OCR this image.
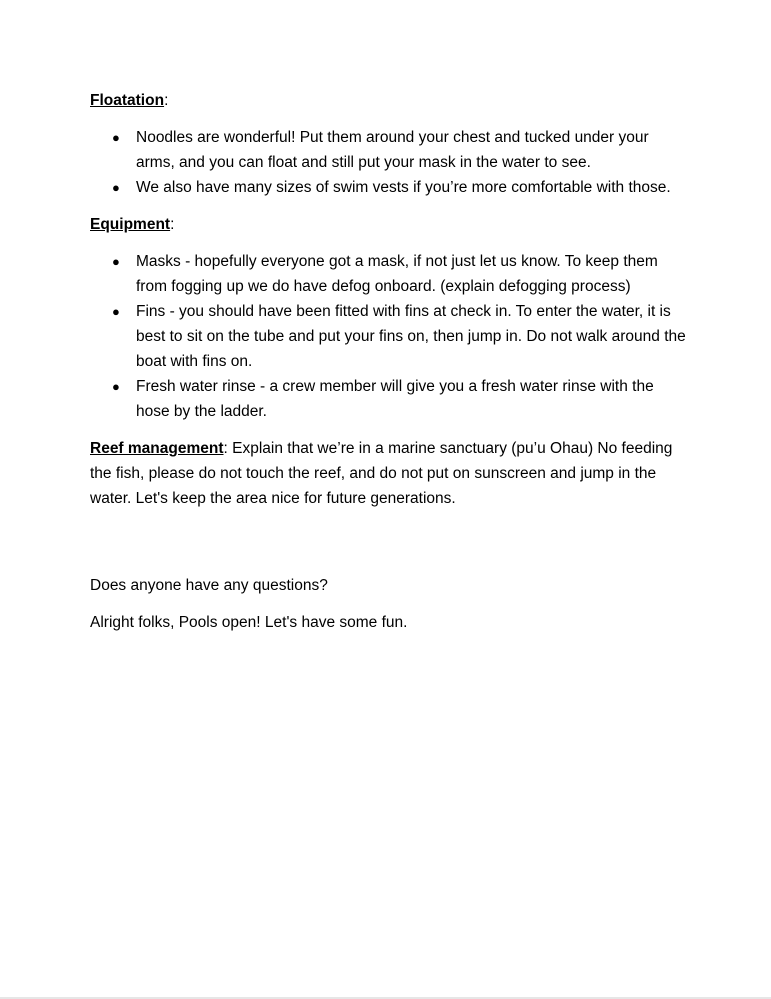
Floatation:

● Noodles are wonderful! Put them around your chest and tucked under your arms, and you can float and still put your mask in the water to see.
● We also have many sizes of swim vests if you’re more comfortable with those.

Equipment:

● Masks - hopefully everyone got a mask, if not just let us know. To keep them from fogging up we do have defog onboard. (explain defogging process)
● Fins - you should have been fitted with fins at check in. To enter the water, it is best to sit on the tube and put your fins on, then jump in. Do not walk around the boat with fins on.
● Fresh water rinse - a crew member will give you a fresh water rinse with the hose by the ladder.

Reef management: Explain that we’re in a marine sanctuary (pu’u Ohau) No feeding the fish, please do not touch the reef, and do not put on sunscreen and jump in the water. Let's keep the area nice for future generations.

Does anyone have any questions?

Alright folks, Pools open! Let's have some fun.
